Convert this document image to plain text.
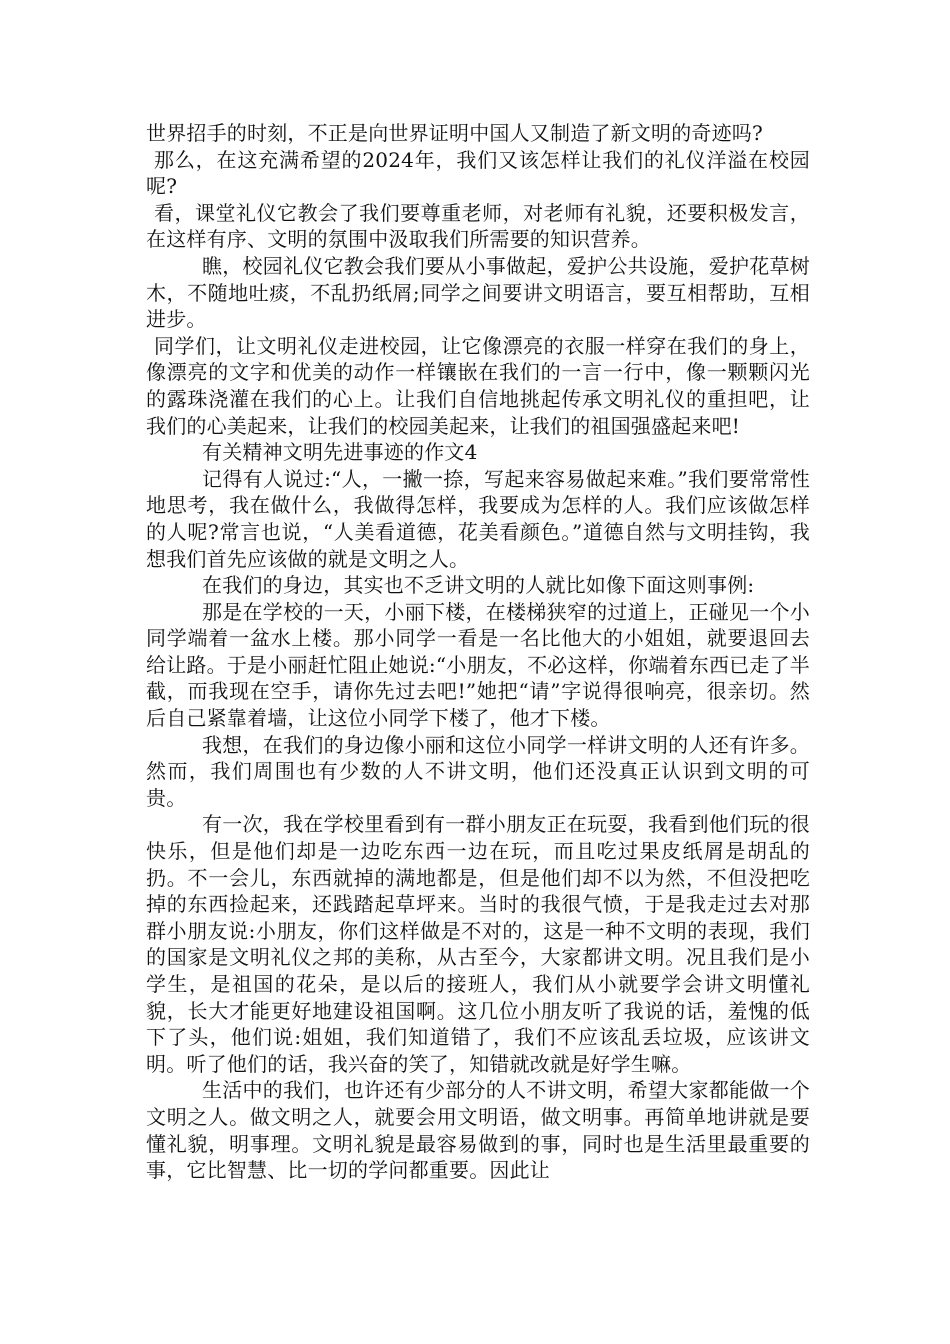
世界招手的时刻，不正是向世界证明中国人又制造了新文明的奇迹吗?

那么，在这充满希望的2024年，我们又该怎样让我们的礼仪洋溢在校园呢?

看，课堂礼仪它教会了我们要尊重老师，对老师有礼貌，还要积极发言，在这样有序、文明的氛围中汲取我们所需要的知识营养。

瞧，校园礼仪它教会我们要从小事做起，爱护公共设施，爱护花草树木，不随地吐痰，不乱扔纸屑;同学之间要讲文明语言，要互相帮助，互相进步。

同学们，让文明礼仪走进校园，让它像漂亮的衣服一样穿在我们的身上，像漂亮的文字和优美的动作一样镶嵌在我们的一言一行中，像一颗颗闪光的露珠浇灌在我们的心上。让我们自信地挑起传承文明礼仪的重担吧，让我们的心美起来，让我们的校园美起来，让我们的祖国强盛起来吧!

有关精神文明先进事迹的作文4

记得有人说过:“人，一撇一捺，写起来容易做起来难。”我们要常常性地思考，我在做什么，我做得怎样，我要成为怎样的人。我们应该做怎样的人呢?常言也说，“人美看道德，花美看颜色。”道德自然与文明挂钩，我想我们首先应该做的就是文明之人。

在我们的身边，其实也不乏讲文明的人就比如像下面这则事例:

那是在学校的一天，小丽下楼，在楼梯狭窄的过道上，正碰见一个小同学端着一盆水上楼。那小同学一看是一名比他大的小姐姐，就要退回去给让路。于是小丽赶忙阻止她说:“小朋友，不必这样，你端着东西已走了半截，而我现在空手，请你先过去吧!”她把“请”字说得很响亮，很亲切。然后自己紧靠着墙，让这位小同学下楼了，他才下楼。

我想，在我们的身边像小丽和这位小同学一样讲文明的人还有许多。然而，我们周围也有少数的人不讲文明，他们还没真正认识到文明的可贵。

有一次，我在学校里看到有一群小朋友正在玩耍，我看到他们玩的很快乐，但是他们却是一边吃东西一边在玩，而且吃过果皮纸屑是胡乱的扔。不一会儿，东西就掉的满地都是，但是他们却不以为然，不但没把吃掉的东西捡起来，还践踏起草坪来。当时的我很气愤，于是我走过去对那群小朋友说:小朋友，你们这样做是不对的，这是一种不文明的表现，我们的国家是文明礼仪之邦的美称，从古至今，大家都讲文明。况且我们是小学生，是祖国的花朵，是以后的接班人，我们从小就要学会讲文明懂礼貌，长大才能更好地建设祖国啊。这几位小朋友听了我说的话，羞愧的低下了头，他们说:姐姐，我们知道错了，我们不应该乱丢垃圾，应该讲文明。听了他们的话，我兴奋的笑了，知错就改就是好学生嘛。

生活中的我们，也许还有少部分的人不讲文明，希望大家都能做一个文明之人。做文明之人，就要会用文明语，做文明事。再简单地讲就是要懂礼貌，明事理。文明礼貌是最容易做到的事，同时也是生活里最重要的事，它比智慧、比一切的学问都重要。因此让
